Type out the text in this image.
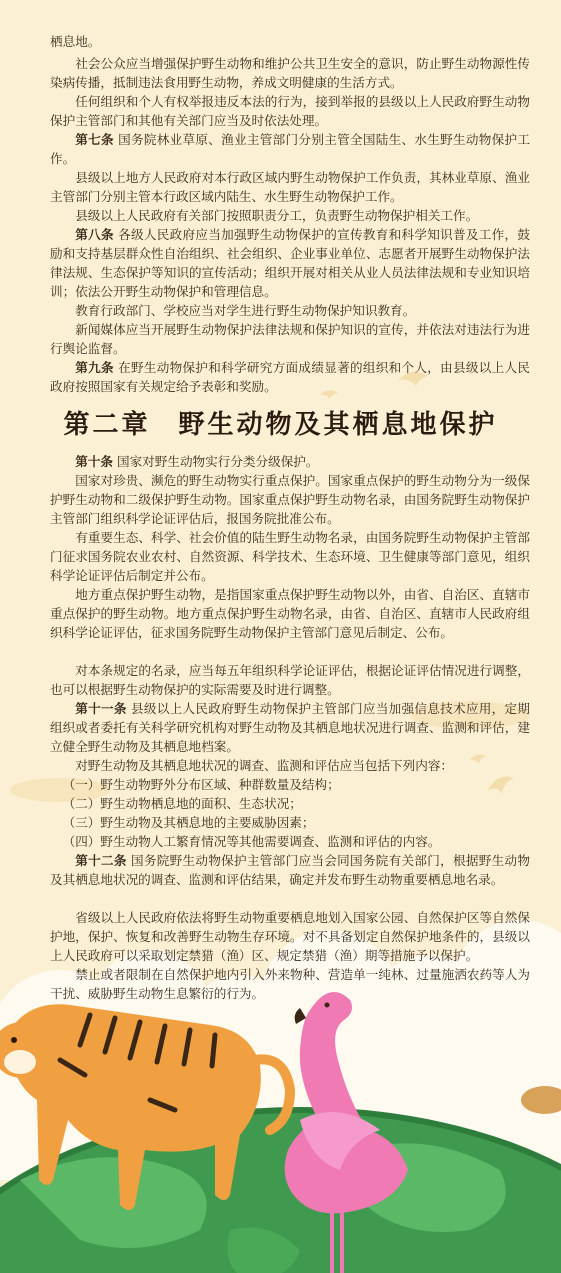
栖息地。

社会公众应当增强保护野生动物和维护公共卫生安全的意识，防止野生动物源性传染病传播，抵制违法食用野生动物，养成文明健康的生活方式。

任何组织和个人有权举报违反本法的行为，接到举报的县级以上人民政府野生动物保护主管部门和其他有关部门应当及时依法处理。

第七条 国务院林业草原、渔业主管部门分别主管全国陆生、水生野生动物保护工作。

县级以上地方人民政府对本行政区域内野生动物保护工作负责，其林业草原、渔业主管部门分别主管本行政区域内陆生、水生野生动物保护工作。

县级以上人民政府有关部门按照职责分工，负责野生动物保护相关工作。

第八条 各级人民政府应当加强野生动物保护的宣传教育和科学知识普及工作，鼓励和支持基层群众性自治组织、社会组织、企业事业单位、志愿者开展野生动物保护法律法规、生态保护等知识的宣传活动；组织开展对相关从业人员法律法规和专业知识培训；依法公开野生动物保护和管理信息。

教育行政部门、学校应当对学生进行野生动物保护知识教育。

新闻媒体应当开展野生动物保护法律法规和保护知识的宣传，并依法对违法行为进行舆论监督。

第九条 在野生动物保护和科学研究方面成绩显著的组织和个人，由县级以上人民政府按照国家有关规定给予表彰和奖励。

第二章 野生动物及其栖息地保护

第十条 国家对野生动物实行分类分级保护。

国家对珍贵、濒危的野生动物实行重点保护。国家重点保护的野生动物分为一级保护野生动物和二级保护野生动物。国家重点保护野生动物名录，由国务院野生动物保护主管部门组织科学论证评估后，报国务院批准公布。

有重要生态、科学、社会价值的陆生野生动物名录，由国务院野生动物保护主管部门征求国务院农业农村、自然资源、科学技术、生态环境、卫生健康等部门意见，组织科学论证评估后制定并公布。

地方重点保护野生动物，是指国家重点保护野生动物以外，由省、自治区、直辖市重点保护的野生动物。地方重点保护野生动物名录，由省、自治区、直辖市人民政府组织科学论证评估，征求国务院野生动物保护主管部门意见后制定、公布。

对本条规定的名录，应当每五年组织科学论证评估，根据论证评估情况进行调整，也可以根据野生动物保护的实际需要及时进行调整。

第十一条 县级以上人民政府野生动物保护主管部门应当加强信息技术应用，定期组织或者委托有关科学研究机构对野生动物及其栖息地状况进行调查、监测和评估，建立健全野生动物及其栖息地档案。

对野生动物及其栖息地状况的调查、监测和评估应当包括下列内容：

（一）野生动物野外分布区域、种群数量及结构；

（二）野生动物栖息地的面积、生态状况；

（三）野生动物及其栖息地的主要威胁因素；

（四）野生动物人工繁育情况等其他需要调查、监测和评估的内容。

第十二条 国务院野生动物保护主管部门应当会同国务院有关部门，根据野生动物及其栖息地状况的调查、监测和评估结果，确定并发布野生动物重要栖息地名录。

省级以上人民政府依法将野生动物重要栖息地划入国家公园、自然保护区等自然保护地，保护、恢复和改善野生动物生存环境。对不具备划定自然保护地条件的，县级以上人民政府可以采取划定禁猎（渔）区、规定禁猎（渔）期等措施予以保护。

禁止或者限制在自然保护地内引入外来物种、营造单一纯林、过量施洒农药等人为干扰、威胁野生动物生息繁衍的行为。
